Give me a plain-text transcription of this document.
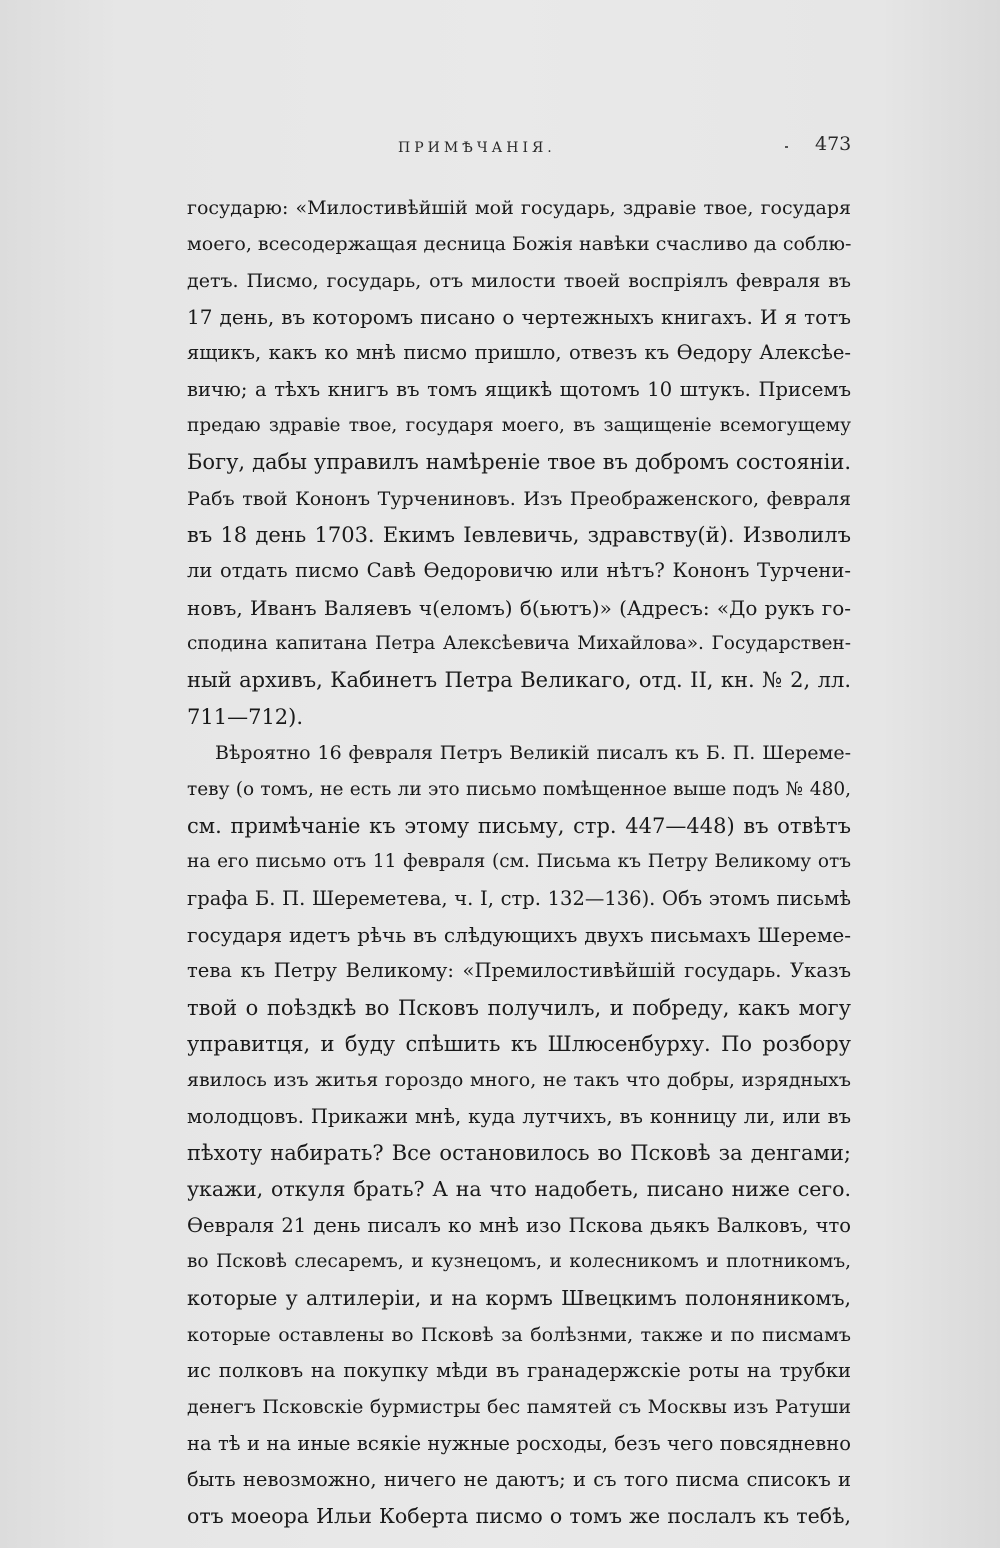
ПРИМѢЧАНІЯ.	473
государю: «Милостивѣйшій мой государь, здравіе твое, государя
моего, всесодержащая десница Божія навѣки счасливо да соблю-
детъ. Писмо, государь, отъ милости твоей воспріялъ февраля въ
17 день, въ которомъ писано о чертежныхъ книгахъ. И я тотъ
ящикъ, какъ ко мнѣ писмо пришло, отвезъ къ Ѳедору Алексѣе-
вичю; а тѣхъ книгъ въ томъ ящикѣ щотомъ 10 штукъ. Присемъ
предаю здравіе твое, государя моего, въ защищеніе всемогущему
Богу, дабы управилъ намѣреніе твое въ добромъ состояніи.
Рабъ твой Кононъ Турчениновъ. Изъ Преображенского, февраля
въ 18 день 1703. Екимъ Іевлевичь, здравству(й). Изволилъ
ли отдать писмо Савѣ Ѳедоровичю или нѣтъ? Кононъ Турчени-
новъ, Иванъ Валяевъ ч(еломъ) б(ьютъ)» (Адресъ: «До рукъ го-
сподина капитана Петра Алексѣевича Михайлова». Государствен-
ный архивъ, Кабинетъ Петра Великаго, отд. II, кн. № 2, лл.
711—712).
Вѣроятно 16 февраля Петръ Великій писалъ къ Б. П. Шереме-
теву (о томъ, не есть ли это письмо помѣщенное выше подъ № 480,
см. примѣчаніе къ этому письму, стр. 447—448) въ отвѣтъ
на его письмо отъ 11 февраля (см. Письма къ Петру Великому отъ
графа Б. П. Шереметева, ч. I, стр. 132—136). Объ этомъ письмѣ
государя идетъ рѣчь въ слѣдующихъ двухъ письмахъ Шереме-
тева къ Петру Великому: «Премилостивѣйшій государь. Указъ
твой о поѣздкѣ во Псковъ получилъ, и побреду, какъ могу
управитця, и буду спѣшить къ Шлюсенбурху. По розбору
явилось изъ житья гороздо много, не такъ что добры, изрядныхъ
молодцовъ. Прикажи мнѣ, куда лутчихъ, въ конницу ли, или въ
пѣхоту набирать? Все остановилось во Псковѣ за денгами;
укажи, откуля брать? А на что надобеть, писано ниже сего.
Ѳевраля 21 день писалъ ко мнѣ изо Пскова дьякъ Валковъ, что
во Псковѣ слесаремъ, и кузнецомъ, и колесникомъ и плотникомъ,
которые у алтилеріи, и на кормъ Швецкимъ полоняникомъ,
которые оставлены во Псковѣ за болѣзнми, также и по писмамъ
ис полковъ на покупку мѣди въ гранадержскіе роты на трубки
денегъ Псковскіе бурмистры бес памятей съ Москвы изъ Ратуши
на тѣ и на иные всякіе нужные росходы, безъ чего повсядневно
быть невозможно, ничего не даютъ; и съ того писма списокъ и
отъ моеора Ильи Коберта писмо о томъ же послалъ къ тебѣ,
